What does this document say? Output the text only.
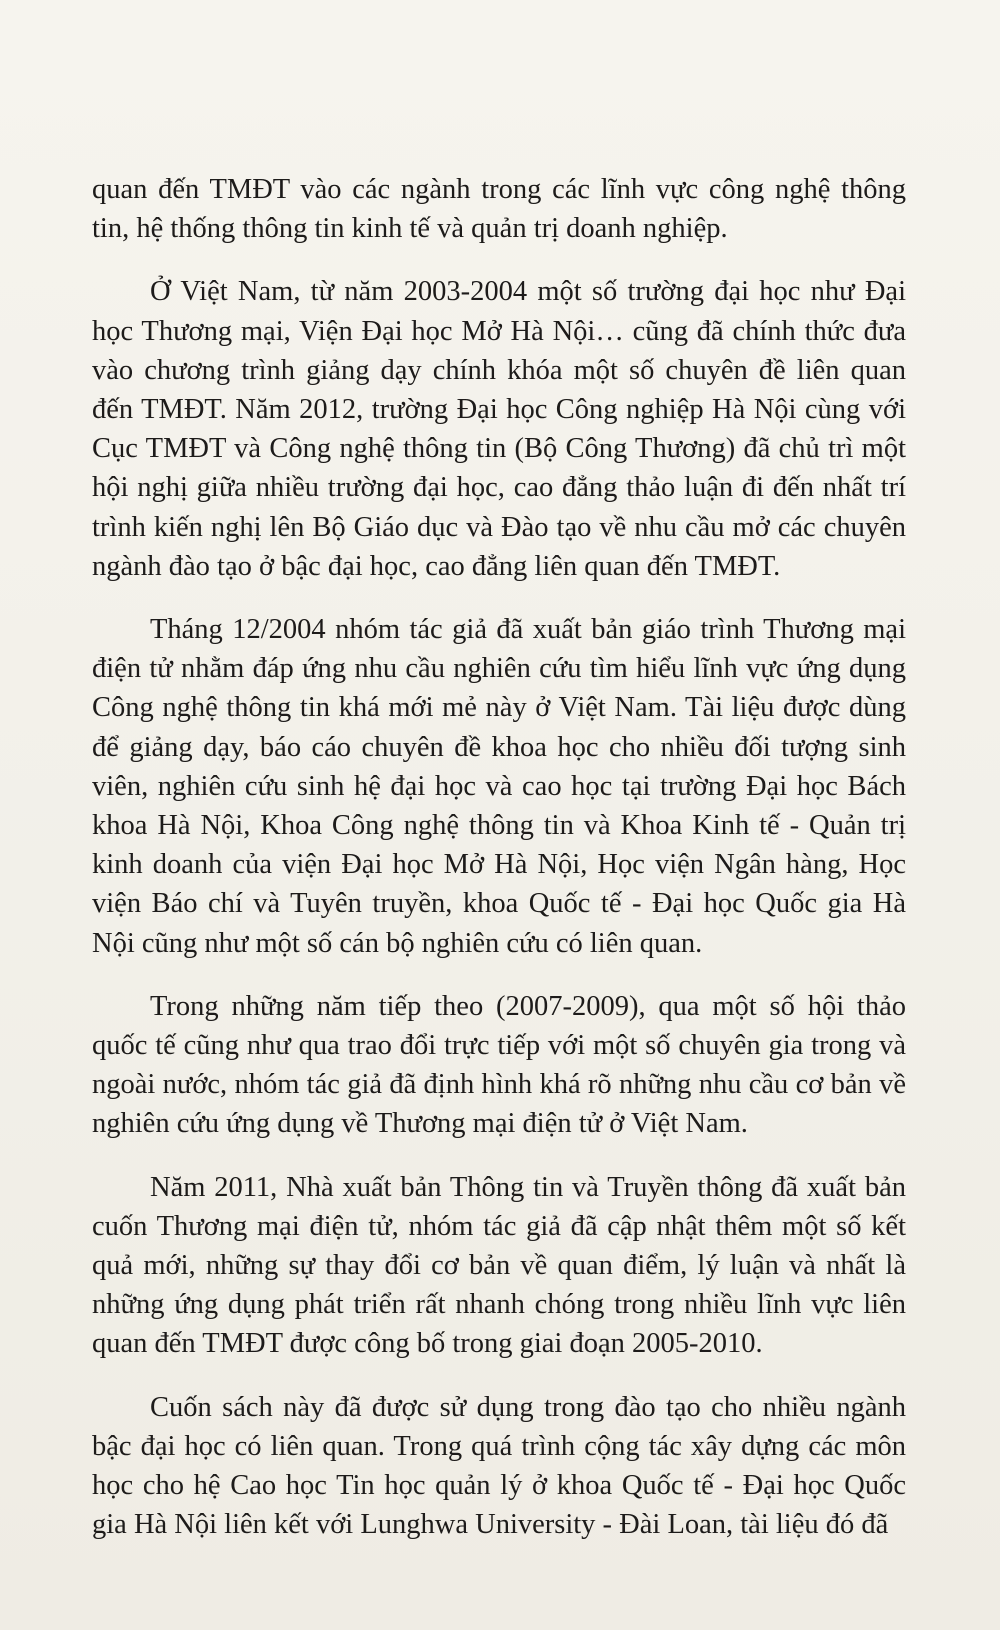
quan đến TMĐT vào các ngành trong các lĩnh vực công nghệ thông tin, hệ thống thông tin kinh tế và quản trị doanh nghiệp.

Ở Việt Nam, từ năm 2003-2004 một số trường đại học như Đại học Thương mại, Viện Đại học Mở Hà Nội… cũng đã chính thức đưa vào chương trình giảng dạy chính khóa một số chuyên đề liên quan đến TMĐT. Năm 2012, trường Đại học Công nghiệp Hà Nội cùng với Cục TMĐT và Công nghệ thông tin (Bộ Công Thương) đã chủ trì một hội nghị giữa nhiều trường đại học, cao đẳng thảo luận đi đến nhất trí trình kiến nghị lên Bộ Giáo dục và Đào tạo về nhu cầu mở các chuyên ngành đào tạo ở bậc đại học, cao đẳng liên quan đến TMĐT.

Tháng 12/2004 nhóm tác giả đã xuất bản giáo trình Thương mại điện tử nhằm đáp ứng nhu cầu nghiên cứu tìm hiểu lĩnh vực ứng dụng Công nghệ thông tin khá mới mẻ này ở Việt Nam. Tài liệu được dùng để giảng dạy, báo cáo chuyên đề khoa học cho nhiều đối tượng sinh viên, nghiên cứu sinh hệ đại học và cao học tại trường Đại học Bách khoa Hà Nội, Khoa Công nghệ thông tin và Khoa Kinh tế - Quản trị kinh doanh của viện Đại học Mở Hà Nội, Học viện Ngân hàng, Học viện Báo chí và Tuyên truyền, khoa Quốc tế - Đại học Quốc gia Hà Nội cũng như một số cán bộ nghiên cứu có liên quan.

Trong những năm tiếp theo (2007-2009), qua một số hội thảo quốc tế cũng như qua trao đổi trực tiếp với một số chuyên gia trong và ngoài nước, nhóm tác giả đã định hình khá rõ những nhu cầu cơ bản về nghiên cứu ứng dụng về Thương mại điện tử ở Việt Nam.

Năm 2011, Nhà xuất bản Thông tin và Truyền thông đã xuất bản cuốn Thương mại điện tử, nhóm tác giả đã cập nhật thêm một số kết quả mới, những sự thay đổi cơ bản về quan điểm, lý luận và nhất là những ứng dụng phát triển rất nhanh chóng trong nhiều lĩnh vực liên quan đến TMĐT được công bố trong giai đoạn 2005-2010.

Cuốn sách này đã được sử dụng trong đào tạo cho nhiều ngành bậc đại học có liên quan. Trong quá trình cộng tác xây dựng các môn học cho hệ Cao học Tin học quản lý ở khoa Quốc tế - Đại học Quốc gia Hà Nội liên kết với Lunghwa University - Đài Loan, tài liệu đó đã
